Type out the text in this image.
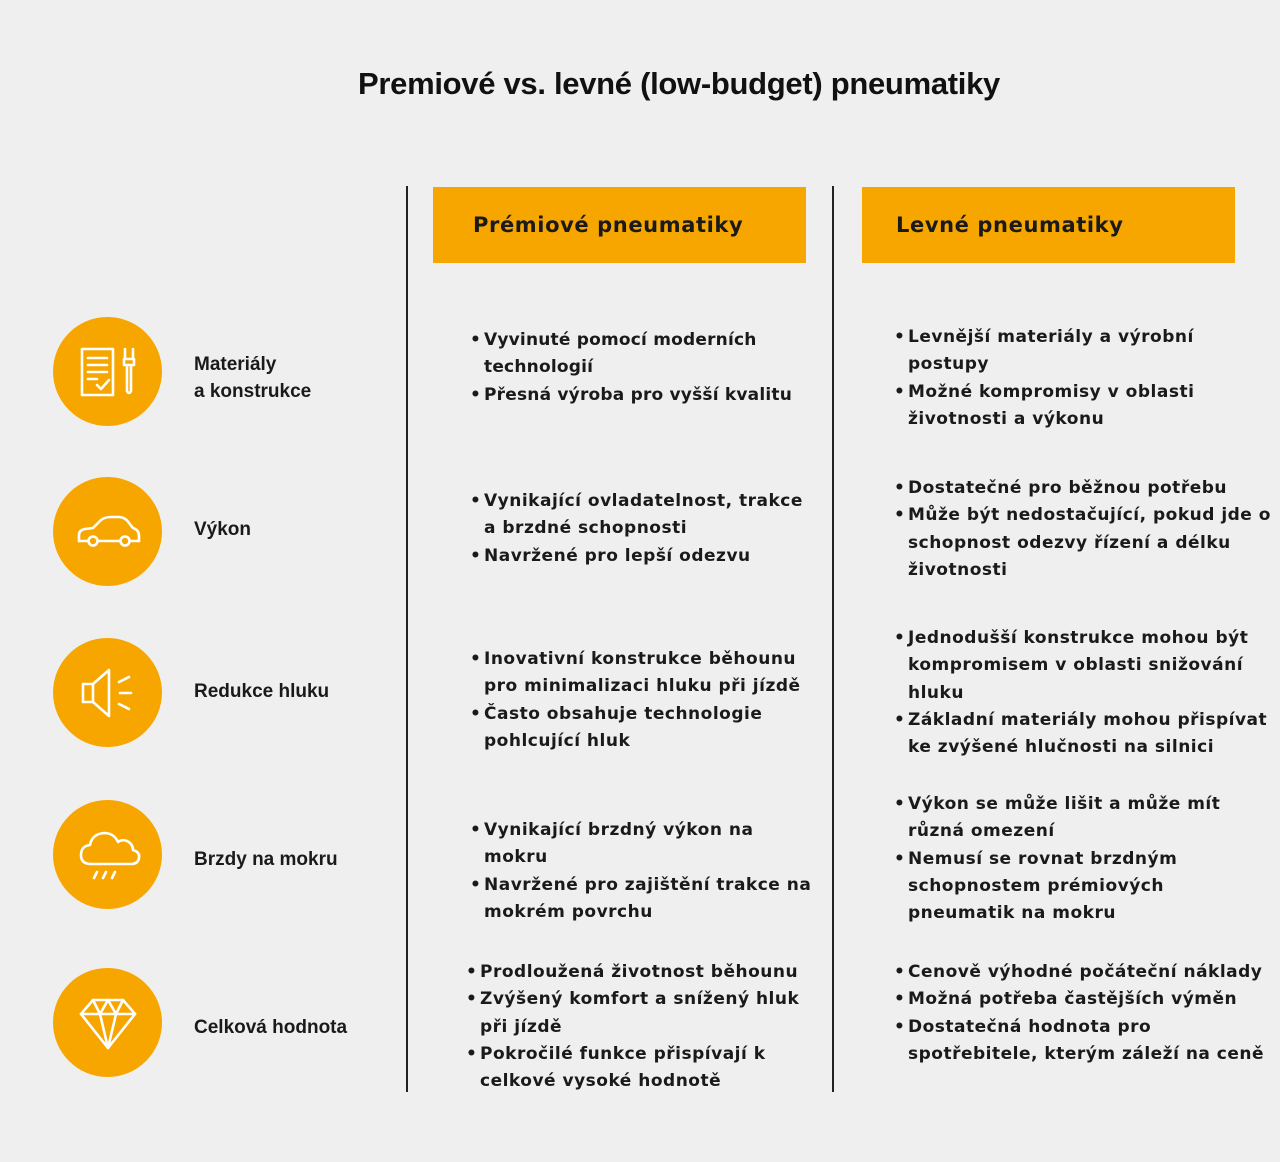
Premiové vs. levné (low-budget) pneumatiky
Prémiové pneumatiky	Levné pneumatiky
Materiály
a konstrukce
• Vyvinuté pomocí moderních technologií
• Přesná výroba pro vyšší kvalitu
• Levnější materiály a výrobní postupy
• Možné kompromisy v oblasti životnosti a výkonu
Výkon
• Vynikající ovladatelnost, trakce a brzdné schopnosti
• Navržené pro lepší odezvu
• Dostatečné pro běžnou potřebu
• Může být nedostačující, pokud jde o schopnost odezvy řízení a délku životnosti
Redukce hluku
• Inovativní konstrukce běhounu pro minimalizaci hluku při jízdě
• Často obsahuje technologie pohlcující hluk
• Jednodušší konstrukce mohou být kompromisem v oblasti snižování hluku
• Základní materiály mohou přispívat ke zvýšené hlučnosti na silnici
Brzdy na mokru
• Vynikající brzdný výkon na mokru
• Navržené pro zajištění trakce na mokrém povrchu
• Výkon se může lišit a může mít různá omezení
• Nemusí se rovnat brzdným schopnostem prémiových pneumatik na mokru
Celková hodnota
• Prodloužená životnost běhounu
• Zvýšený komfort a snížený hluk při jízdě
• Pokročilé funkce přispívají k celkové vysoké hodnotě
• Cenově výhodné počáteční náklady
• Možná potřeba častějších výměn
• Dostatečná hodnota pro spotřebitele, kterým záleží na ceně
